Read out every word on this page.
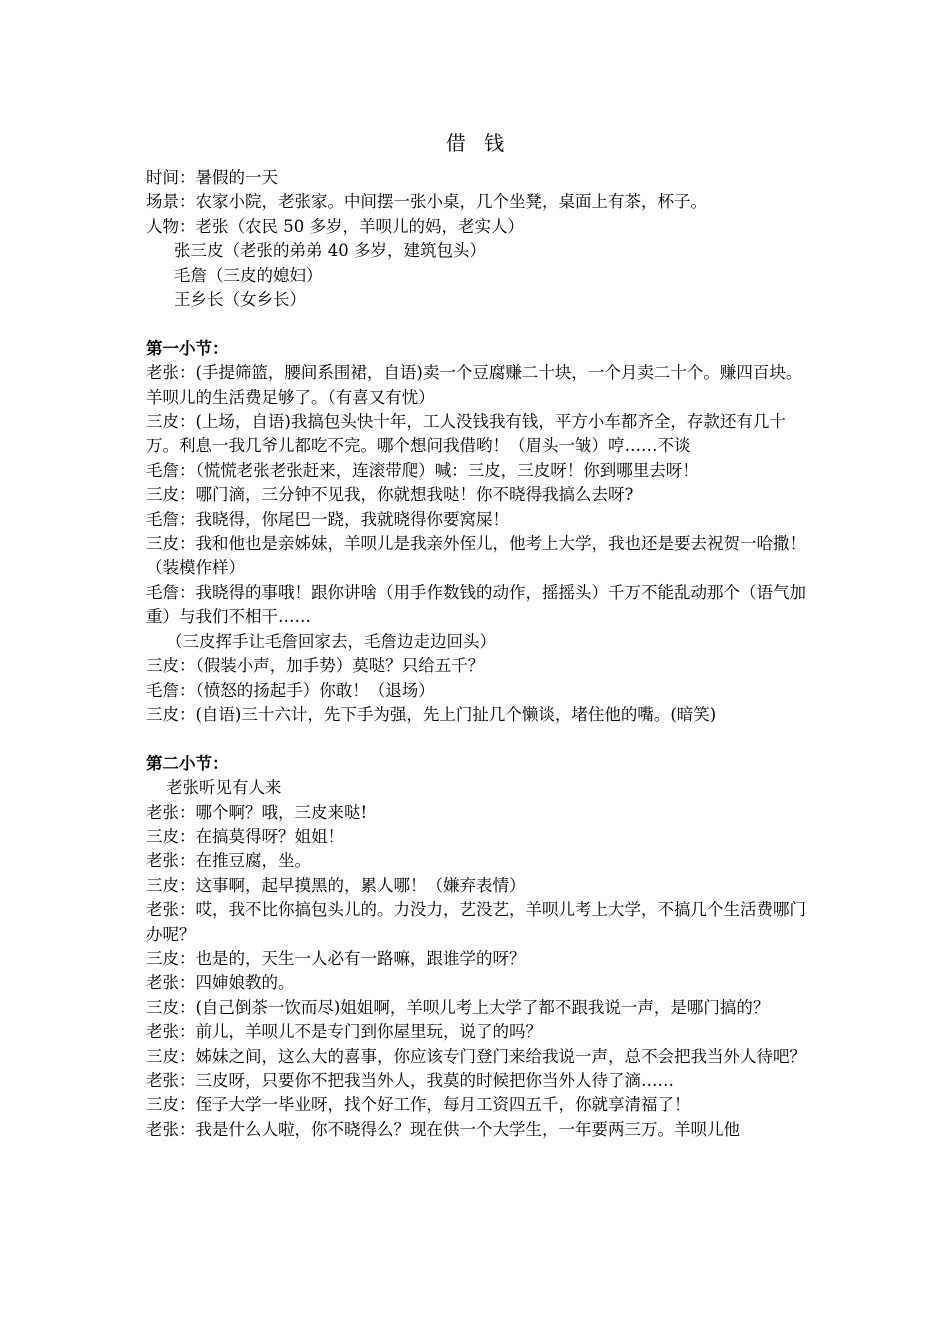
借 钱
时间：暑假的一天
场景：农家小院，老张家。中间摆一张小桌，几个坐凳，桌面上有茶，杯子。
人物：老张（农民 50 多岁，羊呗儿的妈，老实人）
张三皮（老张的弟弟 40 多岁，建筑包头）
毛詹（三皮的媳妇）
王乡长（女乡长）
第一小节：
老张：(手提筛篮，腰间系围裙，自语)卖一个豆腐赚二十块，一个月卖二十个。赚四百块。羊呗儿的生活费足够了。（有喜又有忧）
三皮：(上场，自语)我搞包头快十年，工人没钱我有钱，平方小车都齐全，存款还有几十万。利息一我几爷儿都吃不完。哪个想问我借哟！（眉头一皱）哼……不谈
毛詹：（慌慌老张老张赶来，连滚带爬）喊：三皮，三皮呀！你到哪里去呀！
三皮：哪门滴，三分钟不见我，你就想我哒！你不晓得我搞么去呀?
毛詹：我晓得，你尾巴一跷，我就晓得你要窝屎！
三皮：我和他也是亲姊妹，羊呗儿是我亲外侄儿，他考上大学，我也还是要去祝贺一哈撒！（装模作样）
毛詹：我晓得的事哦！跟你讲啥（用手作数钱的动作，摇摇头）千万不能乱动那个（语气加重）与我们不相干……
（三皮挥手让毛詹回家去，毛詹边走边回头）
三皮：（假装小声，加手势）莫哒？只给五千？
毛詹：（愤怒的扬起手）你敢！（退场）
三皮：(自语)三十六计，先下手为强，先上门扯几个懒谈，堵住他的嘴。(暗笑)
第二小节：
老张听见有人来
老张：哪个啊？哦，三皮来哒!
三皮：在搞莫得呀？姐姐！
老张：在推豆腐，坐。
三皮：这事啊，起早摸黑的，累人哪！（嫌弃表情）
老张：哎，我不比你搞包头儿的。力没力，艺没艺，羊呗儿考上大学，不搞几个生活费哪门办呢？
三皮：也是的，天生一人必有一路嘛，跟谁学的呀？
老张：四婶娘教的。
三皮：(自己倒茶一饮而尽)姐姐啊，羊呗儿考上大学了都不跟我说一声，是哪门搞的？
老张：前儿，羊呗儿不是专门到你屋里玩，说了的吗？
三皮：姊妹之间，这么大的喜事，你应该专门登门来给我说一声，总不会把我当外人待吧？
老张：三皮呀，只要你不把我当外人，我莫的时候把你当外人待了滴……
三皮：侄子大学一毕业呀，找个好工作，每月工资四五千，你就享清福了！
老张：我是什么人啦，你不晓得么？现在供一个大学生，一年要两三万。羊呗儿他
